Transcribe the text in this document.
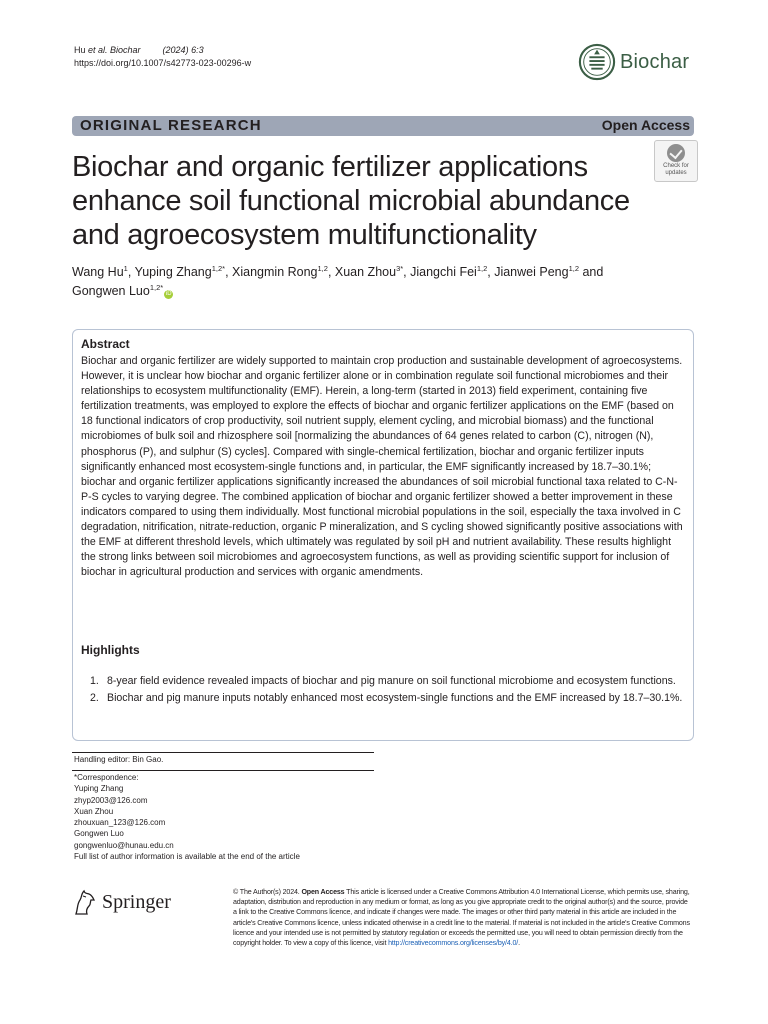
Hu et al. Biochar (2024) 6:3
https://doi.org/10.1007/s42773-023-00296-w	Biochar
ORIGINAL RESEARCH	Open Access
Biochar and organic fertilizer applications enhance soil functional microbial abundance and agroecosystem multifunctionality
Check for
updates
Wang Hu$^1$, Yuping Zhang$^{1,2*}$, Xiangmin Rong$^{1,2}$, Xuan Zhou$^{3*}$, Jiangchi Fei$^{1,2}$, Jianwei Peng$^{1,2}$ and
Gongwen Luo$^{1,2*}$iD
Abstract
Biochar and organic fertilizer are widely supported to maintain crop production and sustainable development of agroecosystems. However, it is unclear how biochar and organic fertilizer alone or in combination regulate soil functional microbiomes and their relationships to ecosystem multifunctionality (EMF). Herein, a long-term (started in 2013) field experiment, containing five fertilization treatments, was employed to explore the effects of biochar and organic fertilizer applications on the EMF (based on 18 functional indicators of crop productivity, soil nutrient supply, element cycling, and microbial biomass) and the functional microbiomes of bulk soil and rhizosphere soil [normalizing the abundances of 64 genes related to carbon (C), nitrogen (N), phosphorus (P), and sulphur (S) cycles]. Compared with single-chemical fertilization, biochar and organic fertilizer inputs significantly enhanced most ecosystem-single functions and, in particular, the EMF significantly increased by 18.7–30.1%; biochar and organic fertilizer applications significantly increased the abundances of soil microbial functional taxa related to C-N-P-S cycles to varying degree. The combined application of biochar and organic fertilizer showed a better improvement in these indicators compared to using them individually. Most functional microbial populations in the soil, especially the taxa involved in C degradation, nitrification, nitrate-reduction, organic P mineralization, and S cycling showed significantly positive associations with the EMF at different threshold levels, which ultimately was regulated by soil pH and nutrient availability. These results highlight the strong links between soil microbiomes and agroecosystem functions, as well as providing scientific support for inclusion of biochar in agricultural production and services with organic amendments.
Highlights
1. 8-year field evidence revealed impacts of biochar and pig manure on soil functional microbiome and ecosystem functions.
2. Biochar and pig manure inputs notably enhanced most ecosystem-single functions and the EMF increased by 18.7–30.1%.
Handling editor: Bin Gao.
*Correspondence:
Yuping Zhang
zhyp2003@126.com
Xuan Zhou
zhouxuan_123@126.com
Gongwen Luo
gongwenluo@hunau.edu.cn
Full list of author information is available at the end of the article
Springer	© The Author(s) 2024. Open Access This article is licensed under a Creative Commons Attribution 4.0 International License, which permits use, sharing, adaptation, distribution and reproduction in any medium or format, as long as you give appropriate credit to the original author(s) and the source, provide a link to the Creative Commons licence, and indicate if changes were made. The images or other third party material in this article are included in the article's Creative Commons licence, unless indicated otherwise in a credit line to the material. If material is not included in the article's Creative Commons licence and your intended use is not permitted by statutory regulation or exceeds the permitted use, you will need to obtain permission directly from the copyright holder. To view a copy of this licence, visit http://creativecommons.org/licenses/by/4.0/.
